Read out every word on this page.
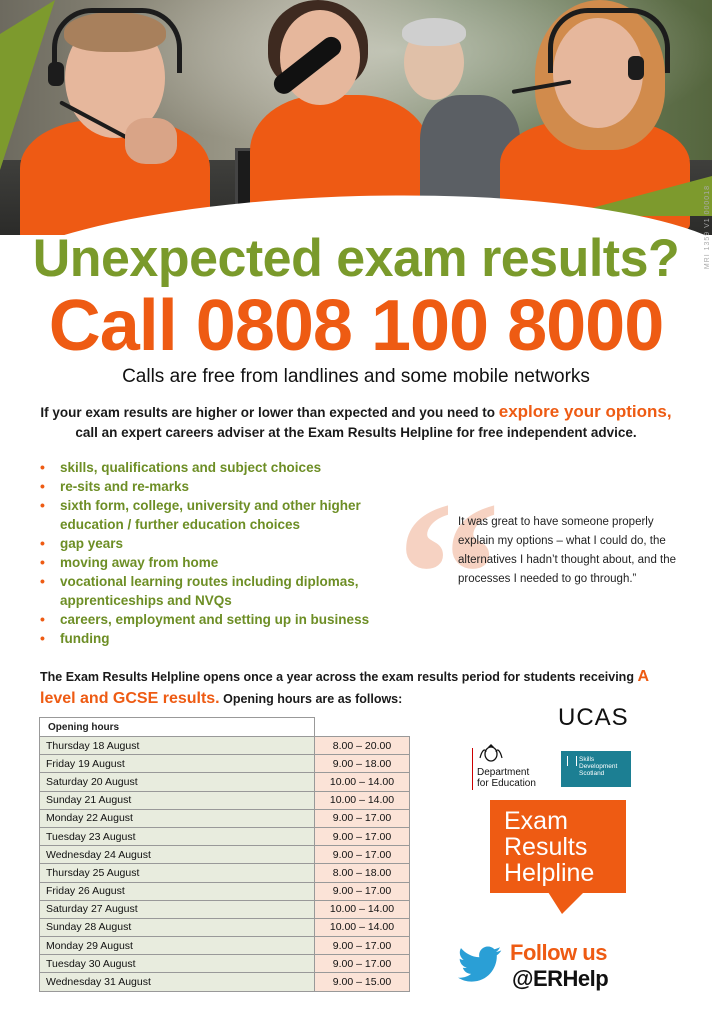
MRI 1359 V1 000018
Unexpected exam results?
Call 0808 100 8000
Calls are free from landlines and some mobile networks
If your exam results are higher or lower than expected and you need to explore your options,
call an expert careers adviser at the Exam Results Helpline for free independent advice.
• skills, qualifications and subject choices
• re-sits and re-marks
• sixth form, college, university and other higher education / further education choices
• gap years
• moving away from home
• vocational learning routes including diplomas, apprenticeships and NVQs
• careers, employment and setting up in business
• funding	“
It was great to have someone properly explain my options – what I could do, the alternatives I hadn’t thought about, and the processes I needed to go through.”
The Exam Results Helpline opens once a year across the exam results period for students receiving A level and GCSE results. Opening hours are as follows:
Opening hours	
Thursday 18 August	8.00 – 20.00
Friday 19 August	9.00 – 18.00
Saturday 20 August	10.00 – 14.00
Sunday 21 August	10.00 – 14.00
Monday 22 August	9.00 – 17.00
Tuesday 23 August	9.00 – 17.00
Wednesday 24 August	9.00 – 17.00
Thursday 25 August	8.00 – 18.00
Friday 26 August	9.00 – 17.00
Saturday 27 August	10.00 – 14.00
Sunday 28 August	10.00 – 14.00
Monday 29 August	9.00 – 17.00
Tuesday 30 August	9.00 – 17.00
Wednesday 31 August	9.00 – 15.00
UCAS
Department
for Education
Skills
Development
Scotland
Exam
Results
Helpline
Follow us
@ERHelp
